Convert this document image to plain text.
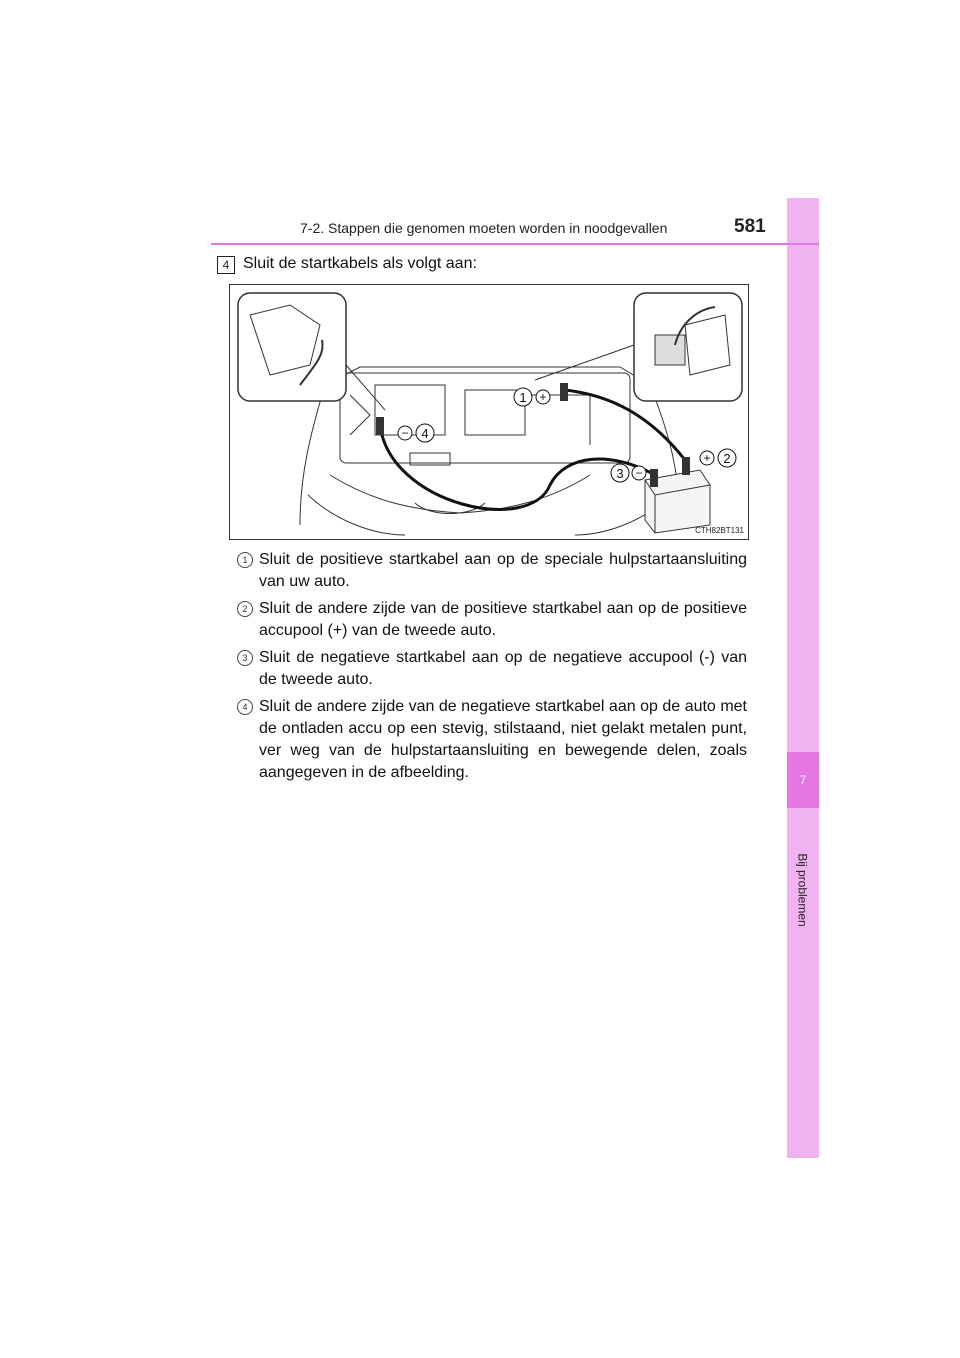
7
Bij problemen
7-2. Stappen die genomen moeten worden in noodgevallen	581
4 Sluit de startkabels als volgt aan:
1 +
2
+
3 −
4
−
CTH82BT131
1 Sluit de positieve startkabel aan op de speciale hulpstartaansluiting van uw auto.
2 Sluit de andere zijde van de positieve startkabel aan op de positieve accupool (+) van de tweede auto.
3 Sluit de negatieve startkabel aan op de negatieve accupool (-) van de tweede auto.
4 Sluit de andere zijde van de negatieve startkabel aan op de auto met de ontladen accu op een stevig, stilstaand, niet gelakt metalen punt, ver weg van de hulpstartaansluiting en bewegende delen, zoals aangegeven in de afbeelding.
